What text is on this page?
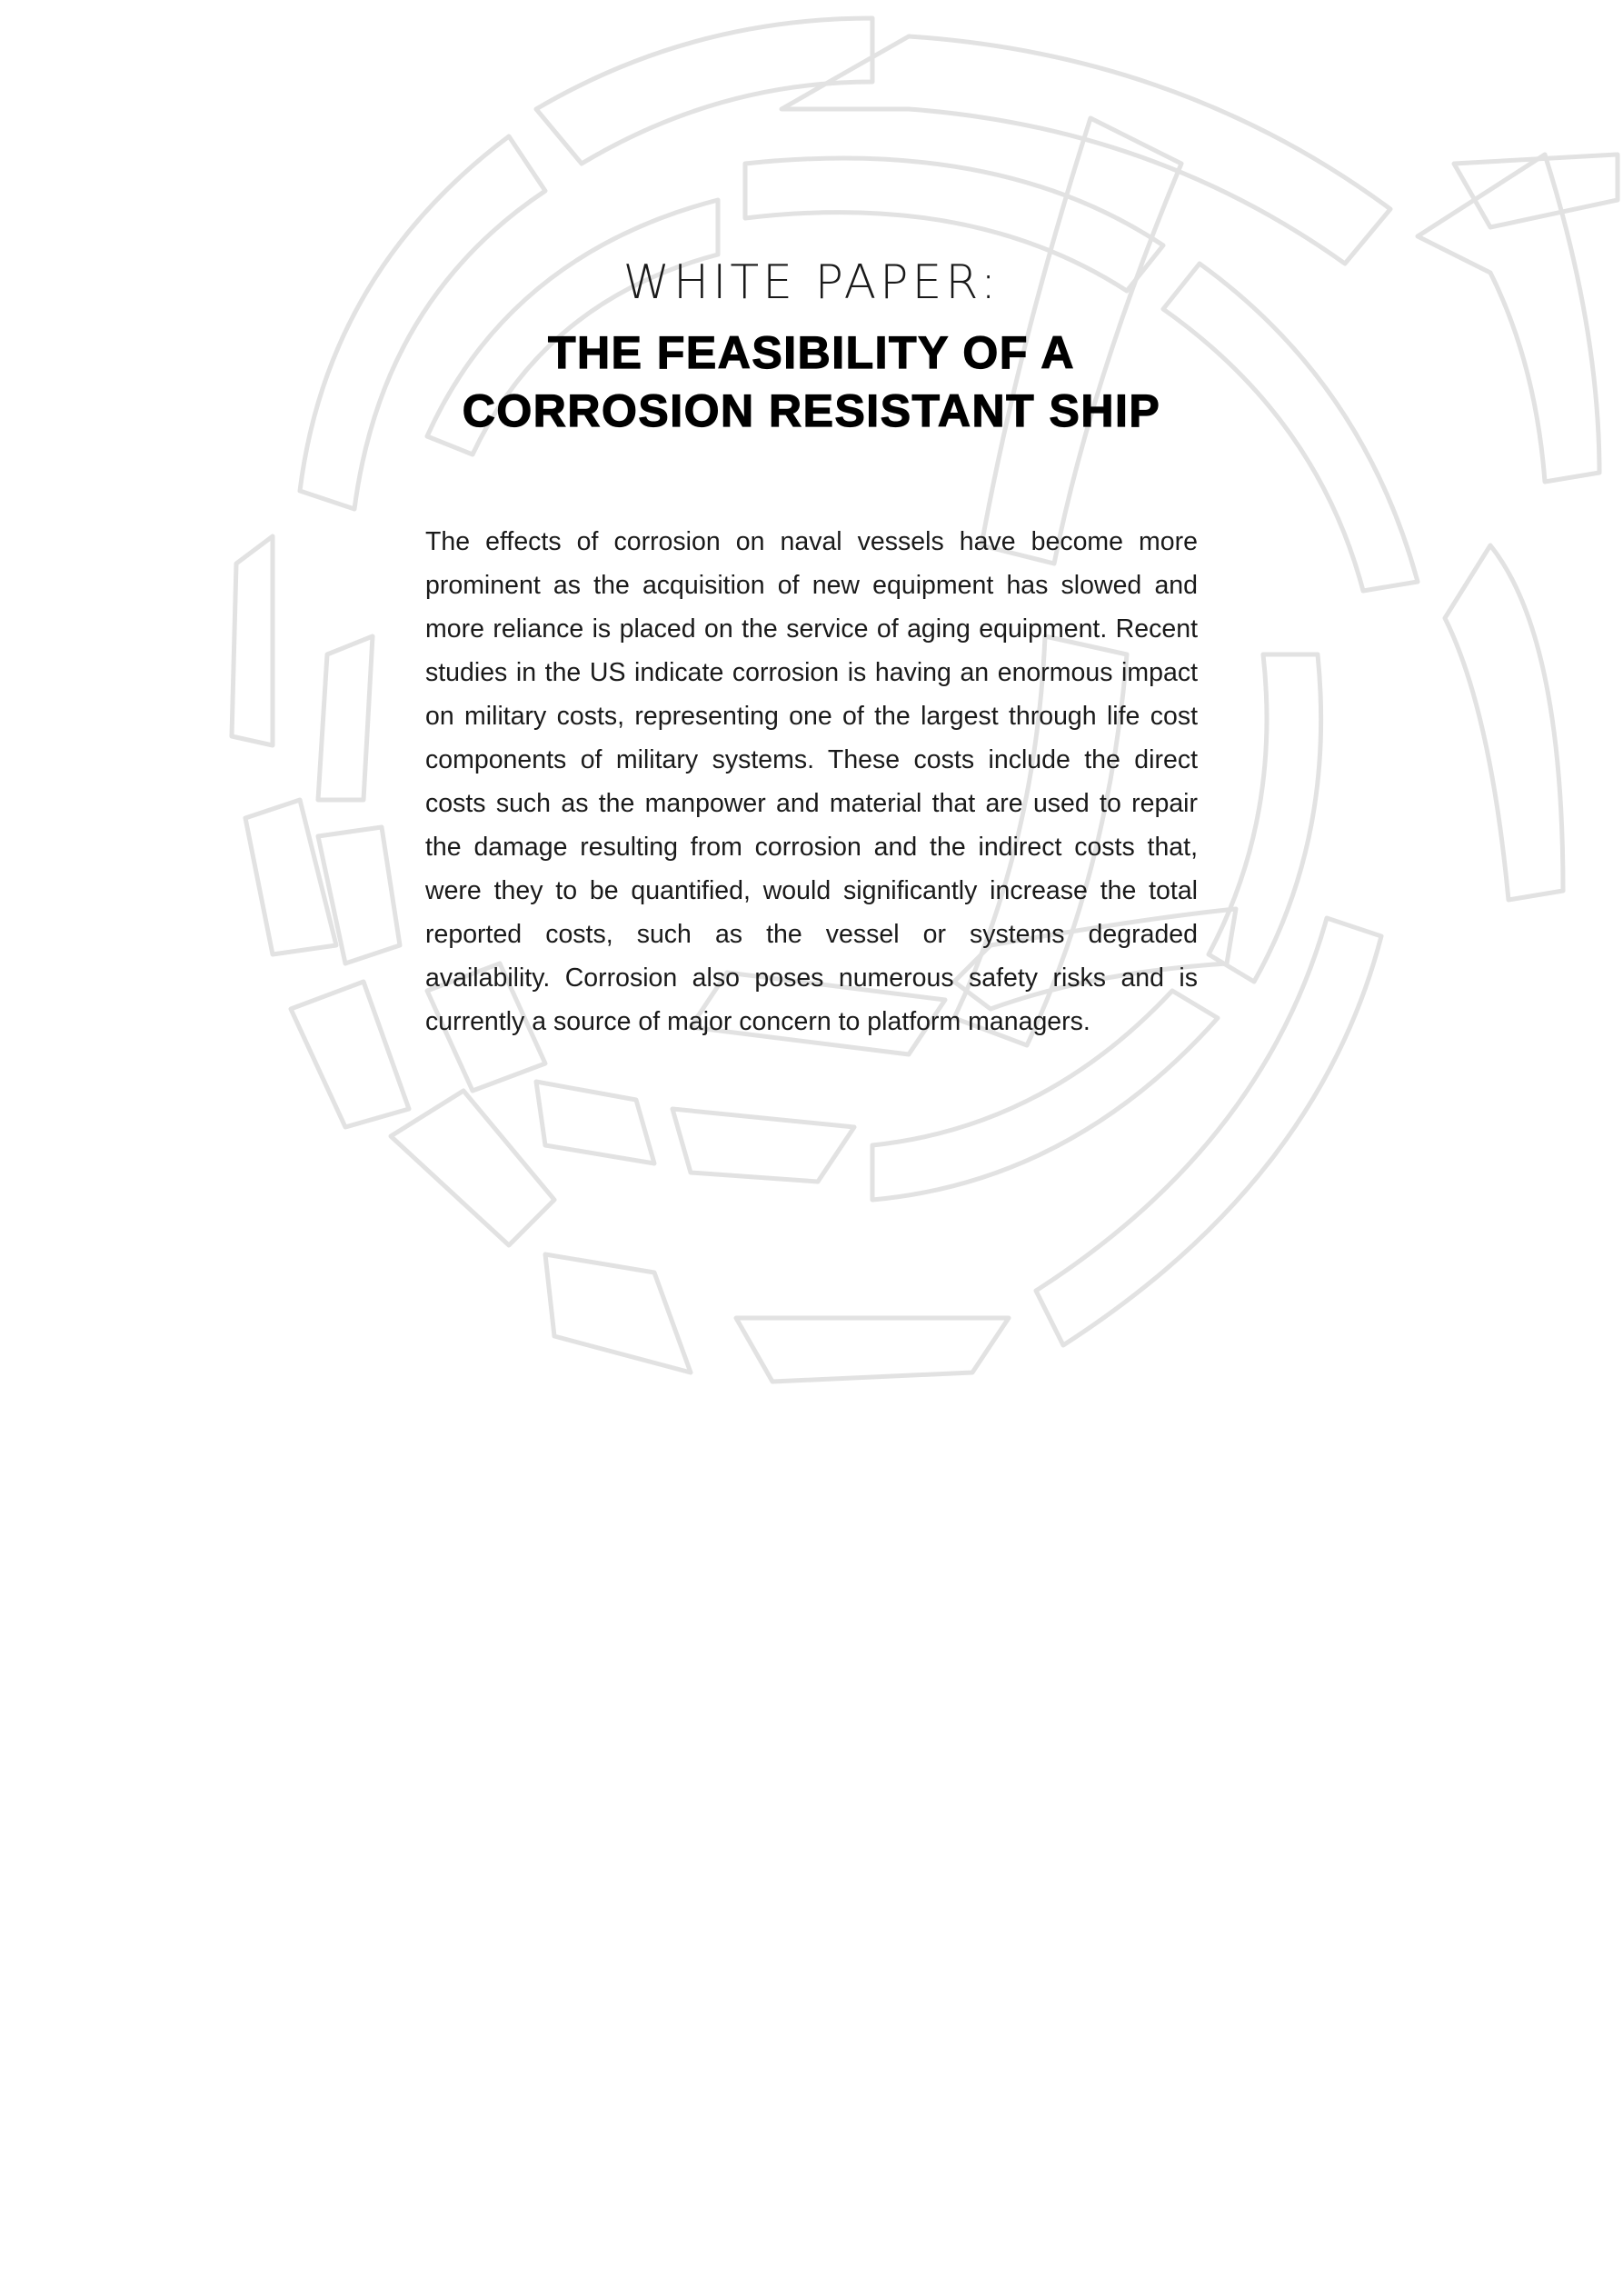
WHITE PAPER:
THE FEASIBILITY OF A
CORROSION RESISTANT SHIP

The effects of corrosion on naval vessels have become more prominent as the acquisition of new equipment has slowed and more reliance is placed on the service of aging equipment. Recent studies in the US indicate corrosion is having an enormous impact on military costs, representing one of the largest through life cost components of military systems. These costs include the direct costs such as the manpower and material that are used to repair the damage resulting from corrosion and the indirect costs that, were they to be quantified, would significantly increase the total reported costs, such as the vessel or systems degraded availability. Corrosion also poses numerous safety risks and is currently a source of major concern to platform managers.
